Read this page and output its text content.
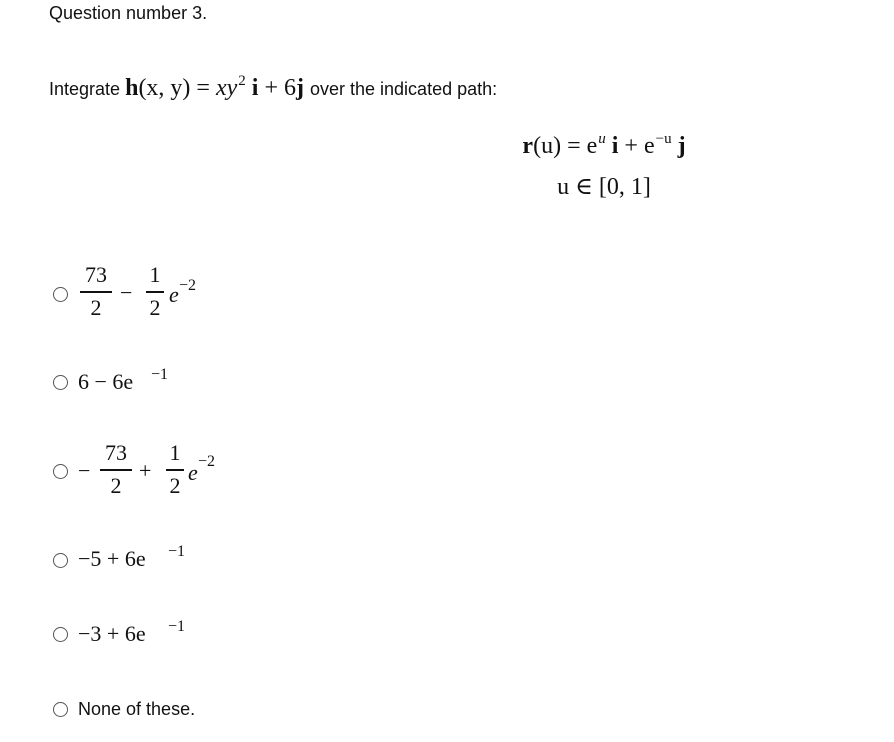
Question number 3.
Integrate h(x, $y) = xy^2$ i + 6j over the indicated path:
$r(u) = e^u$ $i + e^{-u}$ j
u ∈ [0, 1]
73
2
−
1
2 e −2
6 − 6e −1
−
73
2
+
1
2 e −2
−5 + 6e −1
−3 + 6e −1
None of these.
